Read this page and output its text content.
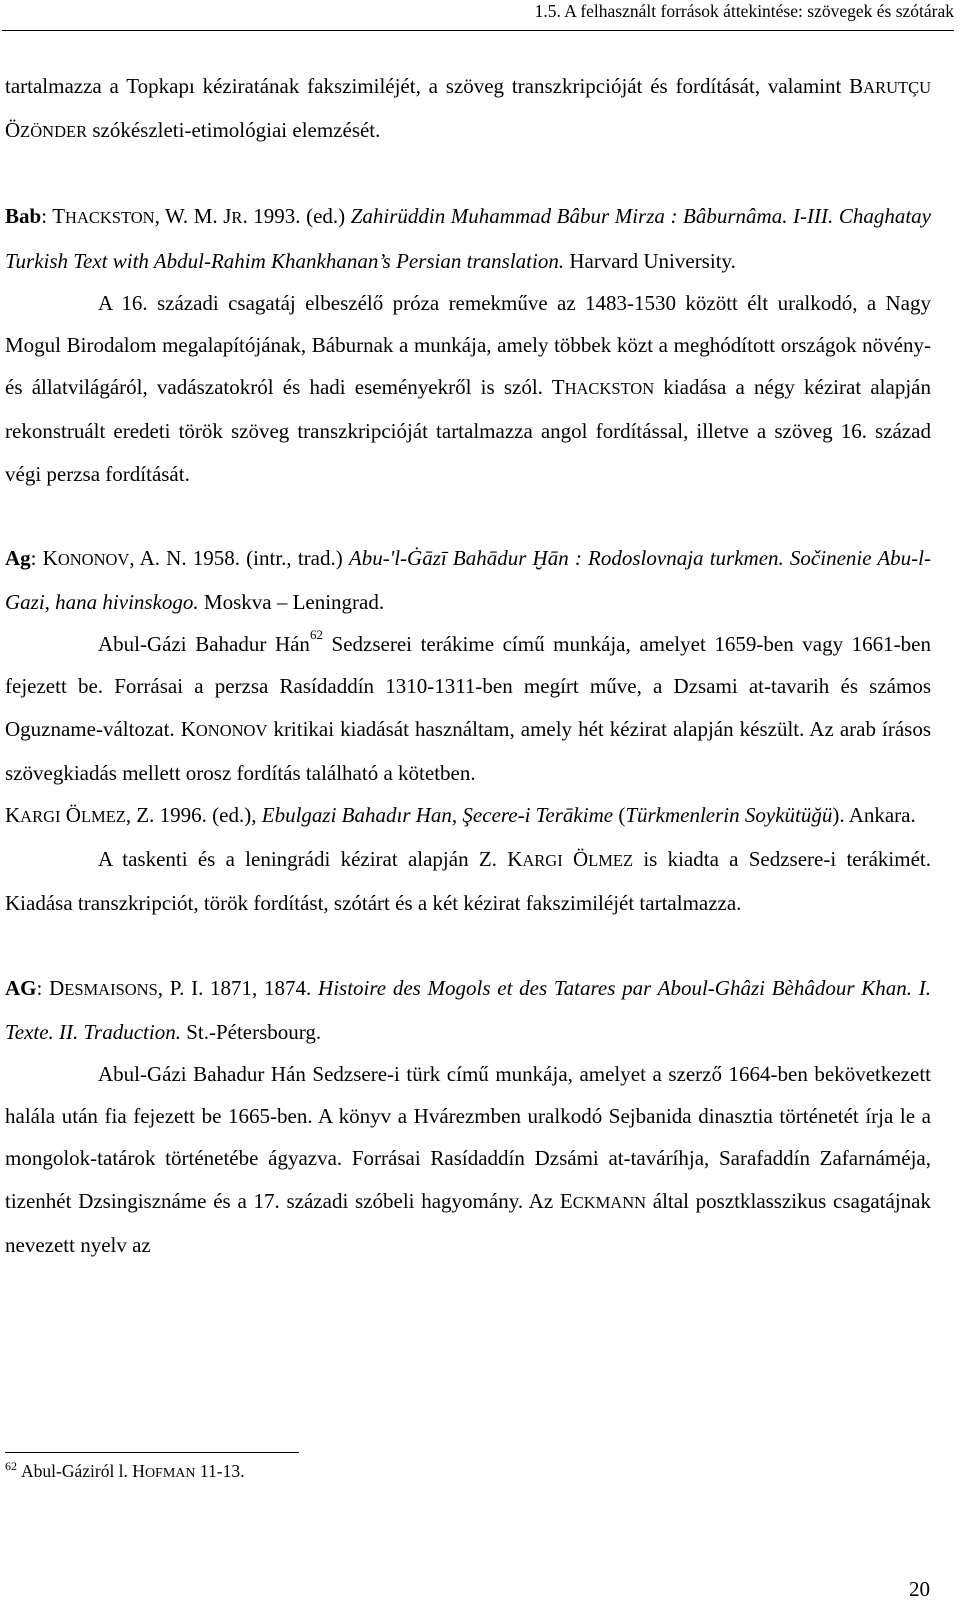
1.5. A felhasznált források áttekintése: szövegek és szótárak

tartalmazza a Topkapı kéziratának fakszimiléjét, a szöveg transzkripcióját és fordítását, valamint BARUTÇU ÖZÖNDER szókészleti-etimológiai elemzését.

Bab: THACKSTON, W. M. JR. 1993. (ed.) Zahirüddin Muhammad Bâbur Mirza : Bâburnâma. I-III. Chaghatay Turkish Text with Abdul-Rahim Khankhanan’s Persian translation. Harvard University.

A 16. századi csagatáj elbeszélő próza remekműve az 1483-1530 között élt uralkodó, a Nagy Mogul Birodalom megalapítójának, Báburnak a munkája, amely többek közt a meghódított országok növény- és állatvilágáról, vadászatokról és hadi eseményekről is szól. THACKSTON kiadása a négy kézirat alapján rekonstruált eredeti török szöveg transzkripcióját tartalmazza angol fordítással, illetve a szöveg 16. század végi perzsa fordítását.

Ag: KONONOV, A. N. 1958. (intr., trad.) Abu-'l-Ġāzī Bahādur Ḫān : Rodoslovnaja turkmen. Sočinenie Abu-l-Gazi, hana hivinskogo. Moskva – Leningrad.

Abul-Gázi Bahadur Hán$^{62}$ Sedzserei terákime című munkája, amelyet 1659-ben vagy 1661-ben fejezett be. Forrásai a perzsa Rasídaddín 1310-1311-ben megírt műve, a Dzsami at-tavarih és számos Oguzname-változat. KONONOV kritikai kiadását használtam, amely hét kézirat alapján készült. Az arab írásos szövegkiadás mellett orosz fordítás található a kötetben.

KARGI ÖLMEZ, Z. 1996. (ed.), Ebulgazi Bahadır Han, Şecere-i Terākime (Türkmenlerin Soykütüğü). Ankara.

A taskenti és a leningrádi kézirat alapján Z. KARGI ÖLMEZ is kiadta a Sedzsere-i terákimét. Kiadása transzkripciót, török fordítást, szótárt és a két kézirat fakszimiléjét tartalmazza.

AG: DESMAISONS, P. I. 1871, 1874. Histoire des Mogols et des Tatares par Aboul-Ghâzi Bèhâdour Khan. I. Texte. II. Traduction. St.-Pétersbourg.

Abul-Gázi Bahadur Hán Sedzsere-i türk című munkája, amelyet a szerző 1664-ben bekövetkezett halála után fia fejezett be 1665-ben. A könyv a Hvárezmben uralkodó Sejbanida dinasztia történetét írja le a mongolok-tatárok történetébe ágyazva. Forrásai Rasídaddín Dzsámi at-taváríhja, Sarafaddín Zafarnáméja, tizenhét Dzsingisznáme és a 17. századi szóbeli hagyomány. Az ECKMANN által posztklasszikus csagatájnak nevezett nyelv az

$^{62}$ Abul-Gáziról l. HOFMAN 11-13.
20
